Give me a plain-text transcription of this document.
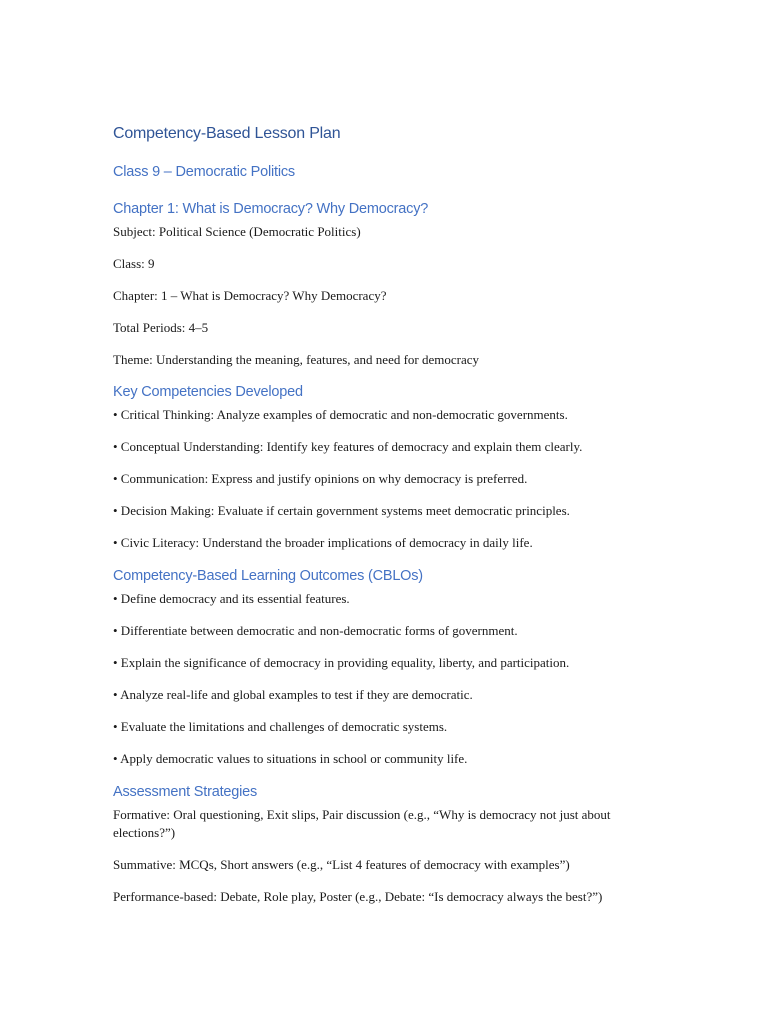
Competency-Based Lesson Plan
Class 9 – Democratic Politics
Chapter 1: What is Democracy? Why Democracy?

Subject: Political Science (Democratic Politics)

Class: 9

Chapter: 1 – What is Democracy? Why Democracy?

Total Periods: 4–5

Theme: Understanding the meaning, features, and need for democracy

Key Competencies Developed

• Critical Thinking: Analyze examples of democratic and non-democratic governments.

• Conceptual Understanding: Identify key features of democracy and explain them clearly.

• Communication: Express and justify opinions on why democracy is preferred.

• Decision Making: Evaluate if certain government systems meet democratic principles.

• Civic Literacy: Understand the broader implications of democracy in daily life.

Competency-Based Learning Outcomes (CBLOs)

• Define democracy and its essential features.

• Differentiate between democratic and non-democratic forms of government.

• Explain the significance of democracy in providing equality, liberty, and participation.

• Analyze real-life and global examples to test if they are democratic.

• Evaluate the limitations and challenges of democratic systems.

• Apply democratic values to situations in school or community life.

Assessment Strategies

Formative: Oral questioning, Exit slips, Pair discussion (e.g., “Why is democracy not just about elections?”)

Summative: MCQs, Short answers (e.g., “List 4 features of democracy with examples”)

Performance-based: Debate, Role play, Poster (e.g., Debate: “Is democracy always the best?”)
